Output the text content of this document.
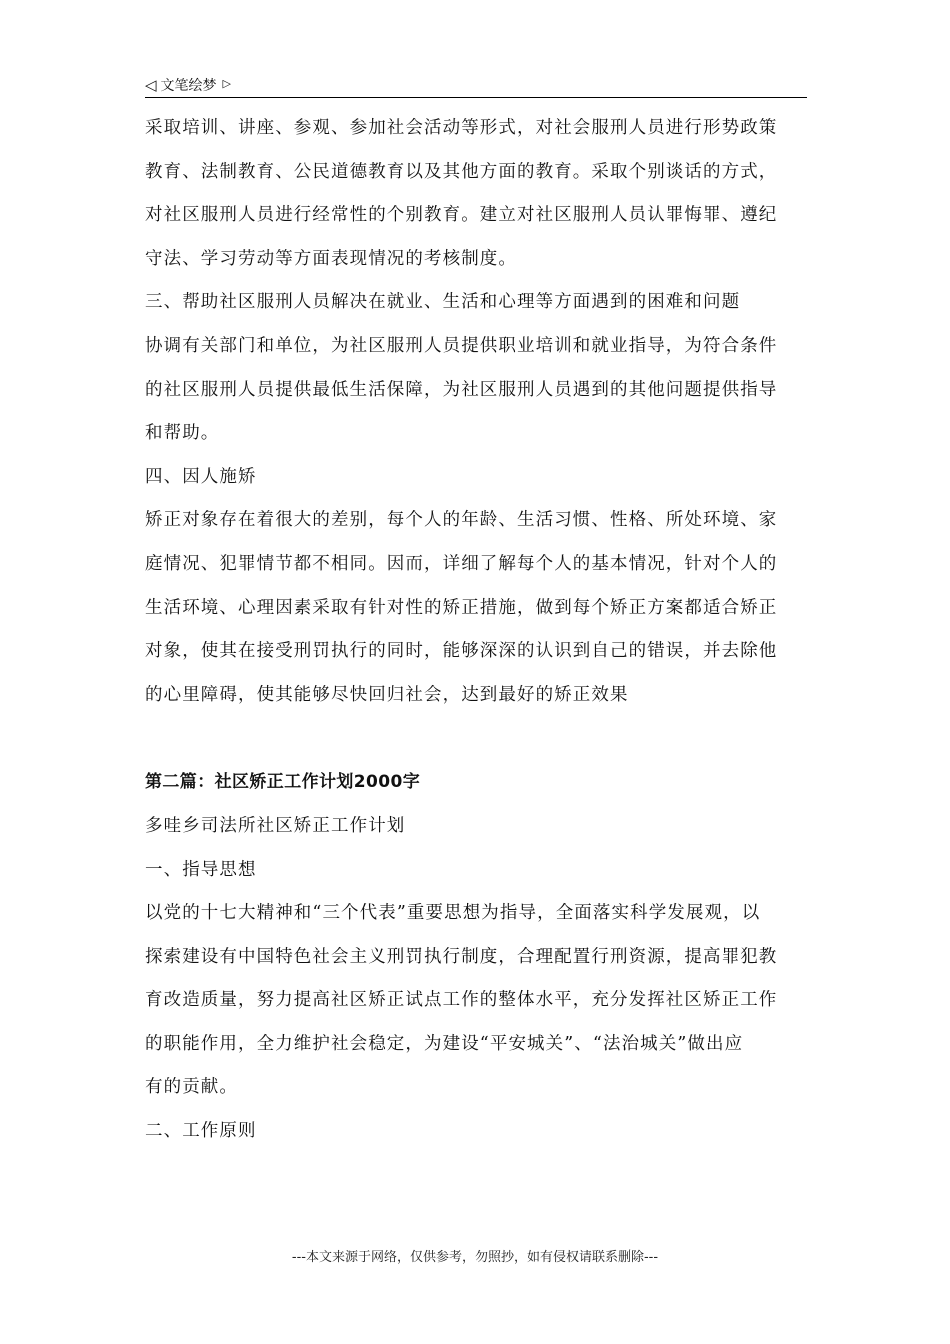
◁ 文笔绘梦 ▷
采取培训、讲座、参观、参加社会活动等形式，对社会服刑人员进行形势政策
教育、法制教育、公民道德教育以及其他方面的教育。采取个别谈话的方式，
对社区服刑人员进行经常性的个别教育。建立对社区服刑人员认罪悔罪、遵纪
守法、学习劳动等方面表现情况的考核制度。
三、帮助社区服刑人员解决在就业、生活和心理等方面遇到的困难和问题
协调有关部门和单位，为社区服刑人员提供职业培训和就业指导，为符合条件
的社区服刑人员提供最低生活保障，为社区服刑人员遇到的其他问题提供指导
和帮助。
四、因人施矫
矫正对象存在着很大的差别，每个人的年龄、生活习惯、性格、所处环境、家
庭情况、犯罪情节都不相同。因而，详细了解每个人的基本情况，针对个人的
生活环境、心理因素采取有针对性的矫正措施，做到每个矫正方案都适合矫正
对象，使其在接受刑罚执行的同时，能够深深的认识到自己的错误，并去除他
的心里障碍，使其能够尽快回归社会，达到最好的矫正效果
第二篇：社区矫正工作计划2000字
多哇乡司法所社区矫正工作计划
一、指导思想
以党的十七大精神和“三个代表”重要思想为指导，全面落实科学发展观，以
探索建设有中国特色社会主义刑罚执行制度，合理配置行刑资源，提高罪犯教
育改造质量，努力提高社区矫正试点工作的整体水平，充分发挥社区矫正工作
的职能作用，全力维护社会稳定，为建设“平安城关”、“法治城关”做出应
有的贡献。
二、工作原则
---本文来源于网络，仅供参考，勿照抄，如有侵权请联系删除---
